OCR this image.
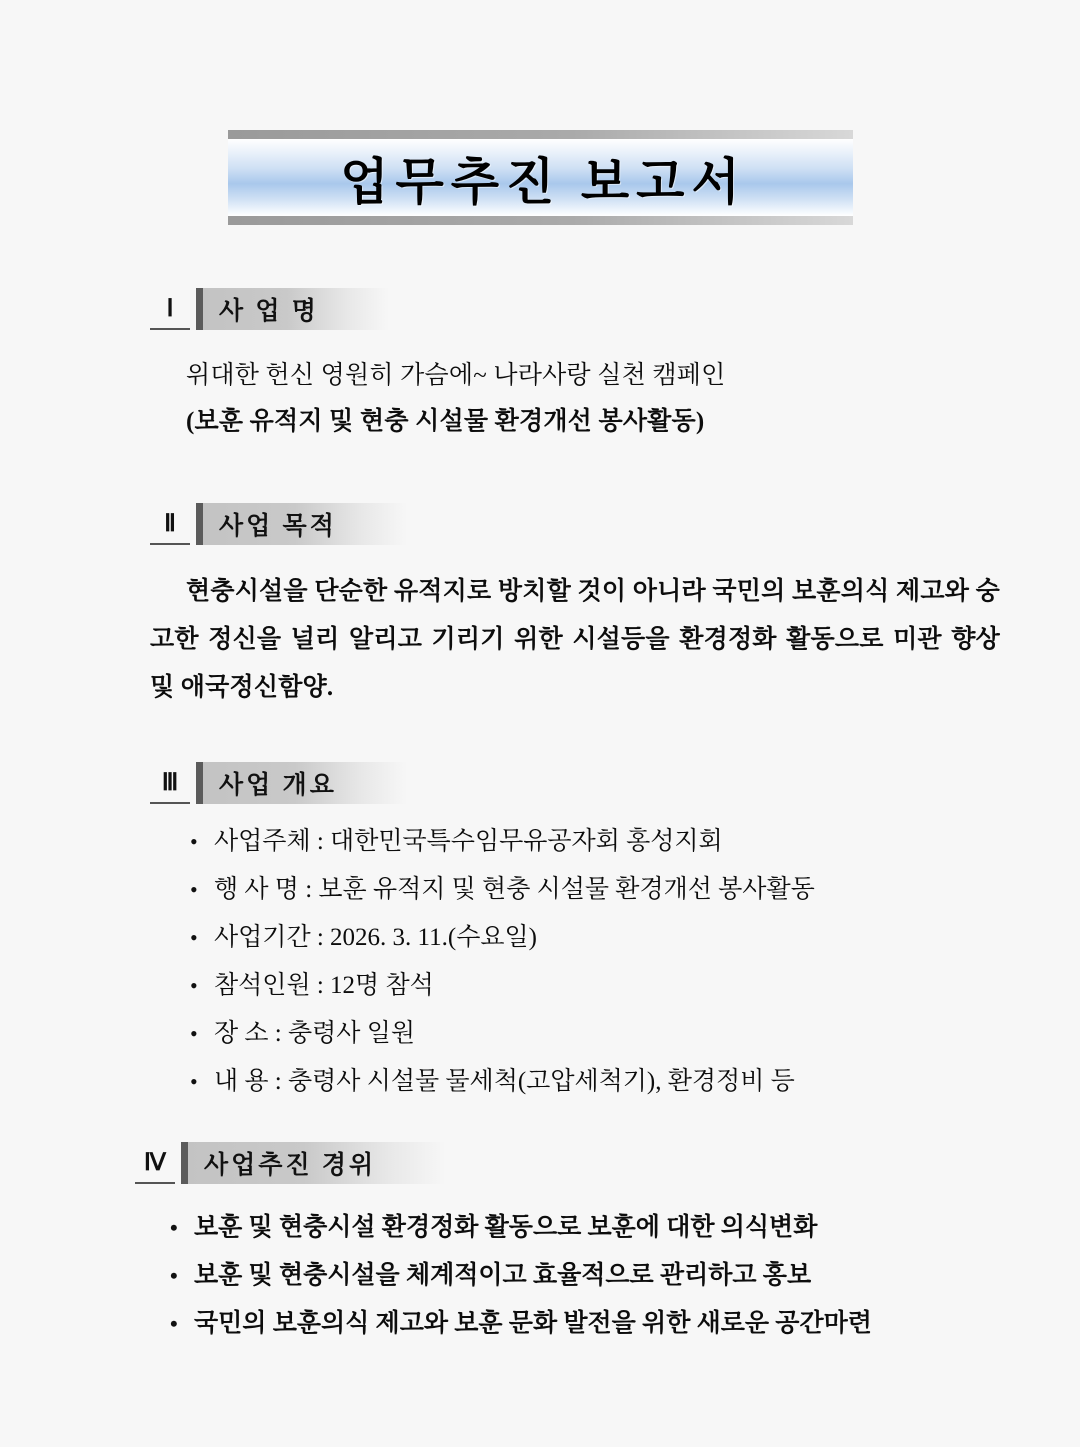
업무추진 보고서
Ⅰ	사 업 명
위대한 헌신 영원히 가슴에~ 나라사랑 실천 캠페인
(보훈 유적지 및 현충 시설물 환경개선 봉사활동)
Ⅱ	사업 목적
현충시설을 단순한 유적지로 방치할 것이 아니라 국민의 보훈의식 제고와 숭고한 정신을 널리 알리고 기리기 위한 시설등을 환경정화 활동으로 미관 향상 및 애국정신함양.
Ⅲ	사업 개요
• 사업주체 : 대한민국특수임무유공자회 홍성지회
• 행 사 명 : 보훈 유적지 및 현충 시설물 환경개선 봉사활동
• 사업기간 : 2026. 3. 11.(수요일)
• 참석인원 : 12명 참석
• 장 소 : 충령사 일원
• 내 용 : 충령사 시설물 물세척(고압세척기), 환경정비 등
Ⅳ	사업추진 경위
• 보훈 및 현충시설 환경정화 활동으로 보훈에 대한 의식변화
• 보훈 및 현충시설을 체계적이고 효율적으로 관리하고 홍보
• 국민의 보훈의식 제고와 보훈 문화 발전을 위한 새로운 공간마련
